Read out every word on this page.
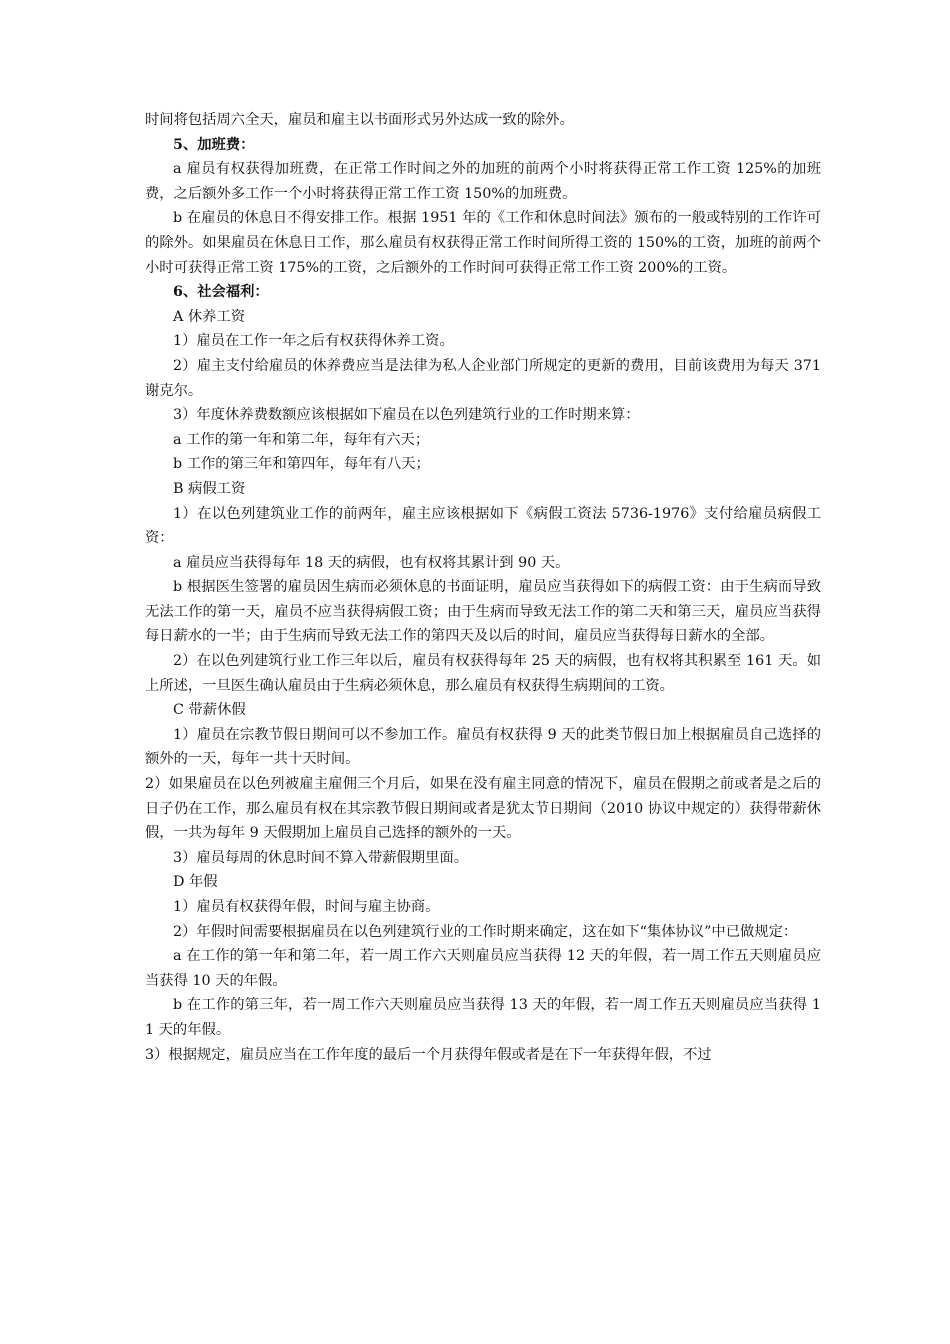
时间将包括周六全天，雇员和雇主以书面形式另外达成一致的除外。

5、加班费：

a 雇员有权获得加班费，在正常工作时间之外的加班的前两个小时将获得正常工作工资 125%的加班费，之后额外多工作一个小时将获得正常工作工资 150%的加班费。

b 在雇员的休息日不得安排工作。根据 1951 年的《工作和休息时间法》颁布的一般或特别的工作许可的除外。如果雇员在休息日工作，那么雇员有权获得正常工作时间所得工资的 150%的工资，加班的前两个小时可获得正常工资 175%的工资，之后额外的工作时间可获得正常工作工资 200%的工资。

6、社会福利：

A 休养工资

1）雇员在工作一年之后有权获得休养工资。

2）雇主支付给雇员的休养费应当是法律为私人企业部门所规定的更新的费用，目前该费用为每天 371 谢克尔。

3）年度休养费数额应该根据如下雇员在以色列建筑行业的工作时期来算：

a 工作的第一年和第二年，每年有六天；

b 工作的第三年和第四年，每年有八天；

B 病假工资

1）在以色列建筑业工作的前两年，雇主应该根据如下《病假工资法 5736-1976》支付给雇员病假工资：

a 雇员应当获得每年 18 天的病假，也有权将其累计到 90 天。

b 根据医生签署的雇员因生病而必须休息的书面证明，雇员应当获得如下的病假工资：由于生病而导致无法工作的第一天，雇员不应当获得病假工资；由于生病而导致无法工作的第二天和第三天，雇员应当获得每日薪水的一半；由于生病而导致无法工作的第四天及以后的时间，雇员应当获得每日薪水的全部。

2）在以色列建筑行业工作三年以后，雇员有权获得每年 25 天的病假，也有权将其积累至 161 天。如上所述，一旦医生确认雇员由于生病必须休息，那么雇员有权获得生病期间的工资。

C 带薪休假

1）雇员在宗教节假日期间可以不参加工作。雇员有权获得 9 天的此类节假日加上根据雇员自己选择的额外的一天，每年一共十天时间。

2）如果雇员在以色列被雇主雇佣三个月后，如果在没有雇主同意的情况下，雇员在假期之前或者是之后的日子仍在工作，那么雇员有权在其宗教节假日期间或者是犹太节日期间（2010 协议中规定的）获得带薪休假，一共为每年 9 天假期加上雇员自己选择的额外的一天。

3）雇员每周的休息时间不算入带薪假期里面。

D 年假

1）雇员有权获得年假，时间与雇主协商。

2）年假时间需要根据雇员在以色列建筑行业的工作时期来确定，这在如下“集体协议”中已做规定：

a 在工作的第一年和第二年，若一周工作六天则雇员应当获得 12 天的年假，若一周工作五天则雇员应当获得 10 天的年假。

b 在工作的第三年，若一周工作六天则雇员应当获得 13 天的年假，若一周工作五天则雇员应当获得 11 天的年假。

3）根据规定，雇员应当在工作年度的最后一个月获得年假或者是在下一年获得年假，不过
